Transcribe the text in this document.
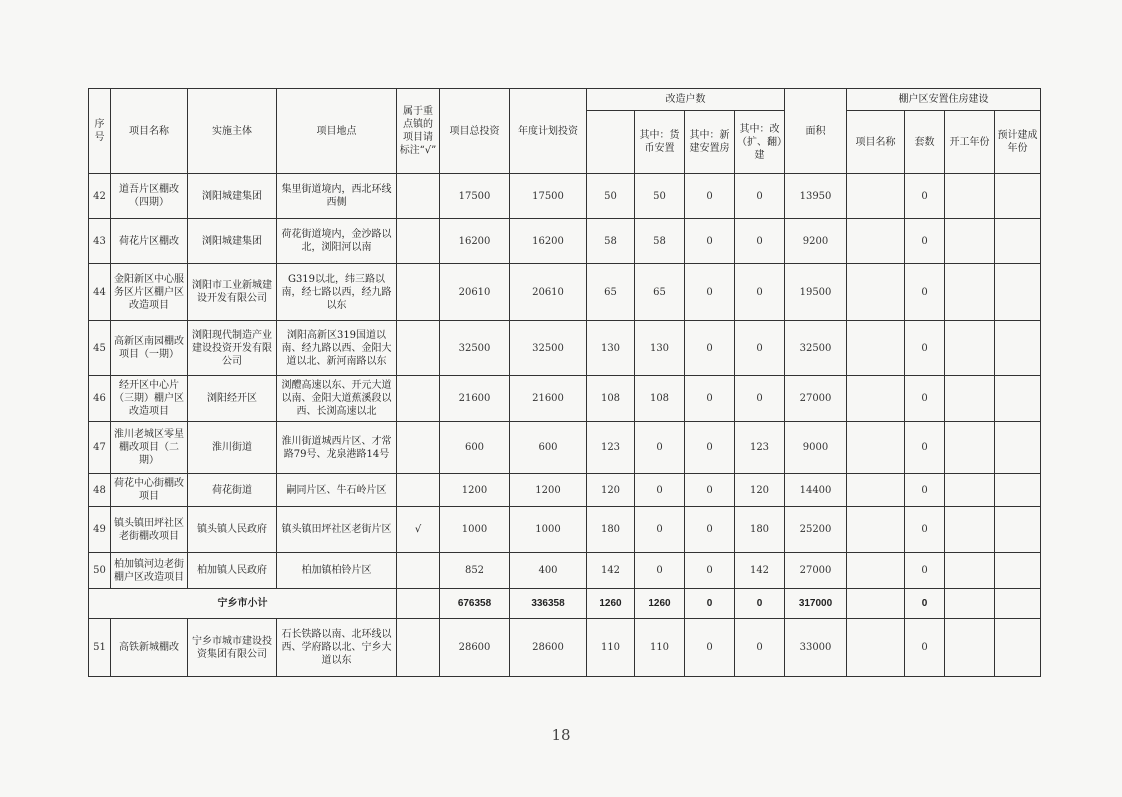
序号	项目名称	实施主体	项目地点	属于重点镇的项目请标注“√”	项目总投资	年度计划投资	改造户数				面积	棚户区安置住房建设			
								其中：货币安置	其中：新建安置房	其中：改（扩、翻）建		项目名称	套数	开工年份	预计建成年份
42	道吾片区棚改（四期）	浏阳城建集团	集里街道境内，西北环线西侧		17500	17500	50	50	0	0	13950		0		
43	荷花片区棚改	浏阳城建集团	荷花街道境内，金沙路以北，浏阳河以南		16200	16200	58	58	0	0	9200		0		
44	金阳新区中心服务区片区棚户区改造项目	浏阳市工业新城建设开发有限公司	G319以北，纬三路以南，经七路以西，经九路以东		20610	20610	65	65	0	0	19500		0		
45	高新区南园棚改项目（一期）	浏阳现代制造产业建设投资开发有限公司	浏阳高新区319国道以南、经九路以西、金阳大道以北、新河南路以东		32500	32500	130	130	0	0	32500		0		
46	经开区中心片（三期）棚户区改造项目	浏阳经开区	浏醴高速以东、开元大道以南、金阳大道蕉溪段以西、长浏高速以北		21600	21600	108	108	0	0	27000		0		
47	淮川老城区零星棚改项目（二期）	淮川街道	淮川街道城西片区、才常路79号、龙泉港路14号		600	600	123	0	0	123	9000		0		
48	荷花中心街棚改项目	荷花街道	嗣同片区、牛石岭片区		1200	1200	120	0	0	120	14400		0		
49	镇头镇田坪社区老街棚改项目	镇头镇人民政府	镇头镇田坪社区老街片区	√	1000	1000	180	0	0	180	25200		0		
50	柏加镇河边老街棚户区改造项目	柏加镇人民政府	柏加镇柏铃片区		852	400	142	0	0	142	27000		0		
宁乡市小计					676358	336358	1260	1260	0	0	317000		0		
51	高铁新城棚改	宁乡市城市建设投资集团有限公司	石长铁路以南、北环线以西、学府路以北、宁乡大道以东		28600	28600	110	110	0	0	33000		0		
18
